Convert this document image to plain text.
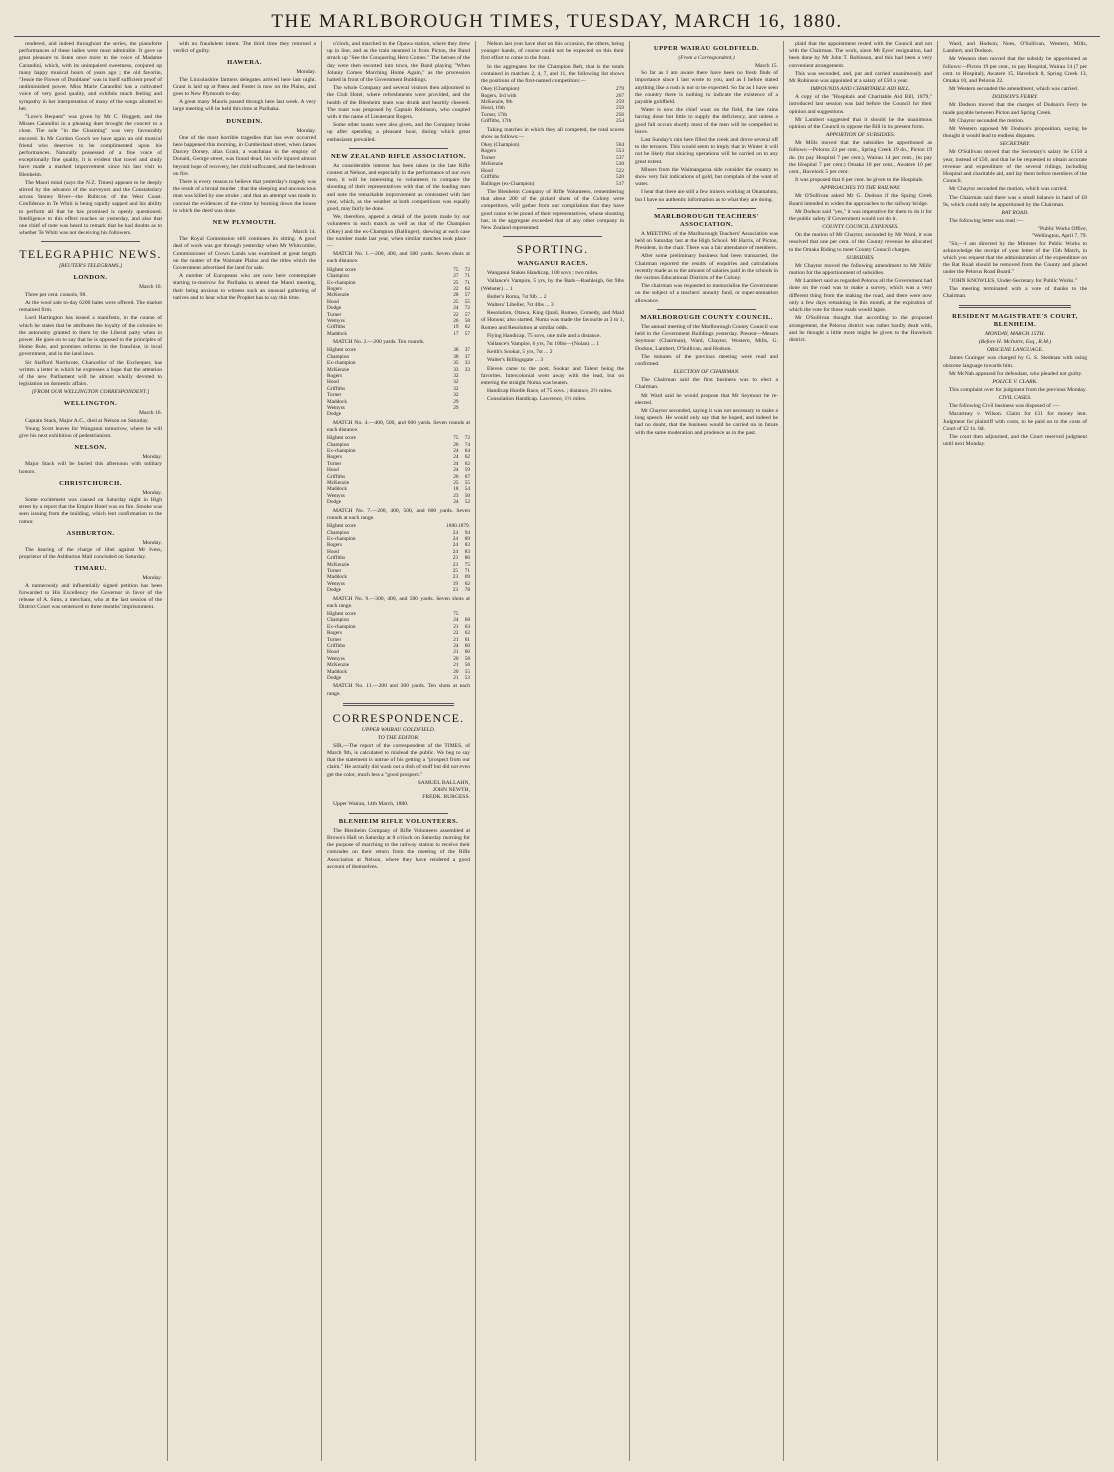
THE MARLBOROUGH TIMES, TUESDAY, MARCH 16, 1880.

rendered, and indeed throughout the series, the pianoforte performances of these ladies were most admirable. It gave us great pleasure to listen once more to the voice of Madame Carandini, which, with its unimpaired sweetness, conjured up many happy musical hours of years ago ; the old favorite, "Jessie the Flower of Dunblane" was in itself sufficient proof of undiminished power. Miss Marie Carandini has a cultivated voice of very good quality, and exhibits much feeling and sympathy in her interpretation of many of the songs allotted to her.

"Love's Request" was given by Mr C. Hoggett, and the Misses Carandini in a pleasing duet brought the concert to a close. The sole "in the Gloaming" was very favourably encored. In Mr Gordon Gooch we have again an old musical friend who deserves to be complimented upon his performances. Naturally possessed of a fine voice of exceptionally fine quality, it is evident that travel and study have made a marked improvement since his last visit to Blenheim.

The Maori mind (says the N.Z. Times) appears to be deeply stirred by the advance of the surveyors and the Constabulary across Stoney River—the Rubicon of the West Coast. Confidence in Te Whiti is being rapidly sapped and his ability to perform all that he has promised is openly questioned. Intelligence to this effect reaches us yesterday, and also that one chief of note was heard to remark that he had doubts as to whether Te Whiti was not deceiving his followers.

TELEGRAPHIC NEWS.
[REUTER'S TELEGRAMS.]
LONDON.
March 10.

Three per cent. consols, 98.

At the wool sale to-day 6200 bales were offered. The market remained firm.

Lord Hartington has issued a manifesto, in the course of which he states that he attributes the loyalty of the colonies to the autonomy granted to them by the Liberal party when in power. He goes on to say that he is opposed to the principles of Home Rule, and promises reforms in the franchise, in local government, and in the land laws.

Sir Stafford Northcote, Chancellor of the Exchequer, has written a letter in which he expresses a hope that the attention of the new Parliament will be almost wholly devoted to legislation on domestic affairs.

[FROM OUR WELLINGTON CORRESPONDENT.]
WELLINGTON.
March 16.

Captain Stack, Major A.C., died at Nelson on Saturday.

Young Scott leaves for Wanganui tomorrow, where he will give his next exhibition of pedestrianism.

NELSON.
Monday.

Major Stack will be buried this afternoon with military honors.

CHRISTCHURCH.
Monday.

Some excitement was caused on Saturday night in High street by a report that the Empire Hotel was on fire. Smoke was seen issuing from the building, which lent confirmation to the rumor.

ASHBURTON.
Monday.

The hearing of the charge of libel against Mr Ivess, proprietor of the Ashburton Mail concluded on Saturday.

TIMARU.
Monday.

A numerously and influentially signed petition has been forwarded to His Excellency the Governor in favor of the release of A. Sims, a merchant, who at the last session of the District Court was sentenced to three months' imprisonment.

with no fraudulent intent. The third time they returned a verdict of guilty.

HAWERA.
Monday.

The Lincolnshire farmers delegates arrived here last night. Grant is laid up at Patea and Foster is now on the Plains, and goes to New Plymouth to-day.

A great many Maoris passed through here last week. A very large meeting will be held this time at Parihaka.

DUNEDIN.
Monday.

One of the most horrible tragedies that has ever occurred here happened this morning, in Cumberland street, when James Darcey Dorsey, alias Grant, a watchman in the employ of Donald, George street, was found dead, his wife injured almost beyond hope of recovery, her child suffocated, and the bedroom on fire.

There is every reason to believe that yesterday's tragedy was the result of a brutal murder ; that the sleeping and unconscious man was killed by one stroke ; and that an attempt was made to conceal the evidences of the crime by burning down the house in which the deed was done.

NEW PLYMOUTH.
March 14.

The Royal Commission still continues its sitting. A good deal of work was got through yesterday when Mr Whitcombe, Commissioner of Crown Lands was examined at great length on the matter of the Waimate Plains and the titles which the Government advertised the land for sale.

A number of Europeans who are now here contemplate starting to-morrow for Parihaka to attend the Maori meeting, their being anxious to witness such an unusual gathering of natives and to hear what the Prophet has to say this time.

o'clock, and marched to the Opawa station, where they drew up in line, and as the train steamed in from Picton, the Band struck up "See the Conquering Hero Comes." The heroes of the day were then escorted into town, the Band playing "When Johnny Comes Marching Home Again," as the procession halted in front of the Government Buildings.

The whole Company and several visitors then adjourned to the Club Hotel, where refreshments were provided, and the health of the Blenheim team was drunk and heartily cheered. The toast was proposed by Captain Robinson, who coupled with it the name of Lieutenant Rogers.

Some other toasts were also given, and the Company broke up after spending a pleasant hour, during which great enthusiasm prevailed.

NEW ZEALAND RIFLE ASSOCIATION.

As considerable interest has been taken in the late Rifle contest at Nelson, and especially in the performance of our own men, it will be interesting to volunteers to compare the shooting of their representatives with that of the leading men and note the remarkable improvement as contrasted with last year, which, as the weather at both competitions was equally good, may fairly be done.

We, therefore, append a detail of the points made by our volunteers in each match as well as that of the Champion (Okey) and the ex-Champion (Ballinger), shewing at each case the number made last year, when similar matches took place :—

MATCH No. 1.—200, 400, and 500 yards. Seven shots at each distance.

Highest score	75	72
Champion	27	71
Ex-champion	25	71
Rogers	22	62
McKenzie	28	57
Hood	25	55
Dodge	24	72
Turner	22	57
Wemyss	26	58
Griffiths	19	62
Maddock	17	57

MATCH No. 2.—200 yards. Ten rounds.

Highest score	38	37
Champion	38	37
Ex-champion	35	33
McKenzie	33	33
Rogers	32	
Hood	32	
Griffiths	32	
Turner	32	
Maddock	29	
Wemyss	29	
Dodge		

MATCH No. 4.—400, 500, and 600 yards. Seven rounds at each distance.

Highest score	75	72
Champion	26	74
Ex-champion	24	64
Rogers	24	62
Turner	24	62
Hood	24	59
Griffiths	26	67
McKenzie	25	55
Maddock	18	54
Wemyss	23	50
Dodge	24	52

MATCH No. 7.—200, 400, 500, and 600 yards. Seven rounds at each range.

Highest score	1880.	1879.
Champion	24	94
Ex-champion	24	89
Rogers	24	83
Hood	24	83
Griffiths	23	86
McKenzie	23	75
Turner	25	71
Maddock	23	69
Wemyss	19	62
Dodge	23	78

MATCH No. 9.—300, 400, and 500 yards. Seven shots at each range.

Highest score	75	
Champion	24	68
Ex-champion	21	63
Rogers	22	62
Turner	21	61
Griffiths	24	60
Hood	21	60
Wemyss	20	58
McKenzie	21	56
Maddock	20	55
Dodge	21	53

MATCH No. 11.—200 and 300 yards. Ten shots at each range.

CORRESPONDENCE.
UPPER WAIRAU GOLDFIELD.
TO THE EDITOR.

SIR,—The report of the correspondent of the TIMES, of March 9th, is calculated to mislead the public. We beg to say that the statement is untrue of his getting a "prospect from our claim." He actually did wash out a dish of stuff but did not even get the color, much less a "good prospect."

SAMUEL BALLAHN,
JOHN NEWTH,
FREDK. BURGESS.

Upper Wairau, 14th March, 1880.

BLENHEIM RIFLE VOLUNTEERS.

The Blenheim Company of Rifle Volunteers assembled at Brown's Hall on Saturday at 8 o'clock on Saturday morning for the purpose of marching to the railway station to receive their comrades on their return from the meeting of the Rifle Association at Nelson, where they have rendered a good account of themselves.

Nelson last year have shot on this occasion, the others, being younger hands, of course could not be expected on this their first effort to come to the front.

In the aggregates for the Champion Belt, that is the totals contained in matches 2, 4, 7, and 11, the following list shows the positions of the first-named competitors:—

Okey (Champion)	279
Rogers, 3rd with	267
McKenzie, 9th	259
Hood, 16th	259
Turner, 17th	256
Griffiths, 17th	254

Taking matches in which they all competed, the total scores show as follows:—

Okey (Champion)	564
Rogers	553
Turner	537
McKenzie	530
Hood	522
Griffiths	520
Ballinger (ex-Champion)	517

The Blenheim Company of Rifle Volunteers, remembering that about 200 of the picked shots of the Colony were competitors, will gather from our compilation that they have good cause to be proud of their representatives, whose shooting has, in the aggregate exceeded that of any other company in New Zealand represented.

SPORTING.
WANGANUI RACES.

Wanganui Stakes Handicap, 100 sovs ; two miles.

Vallance's Vampire, 5 yrs, by the Bark—Rashleigh, 6st 9lbs (Webster) ... 1

Butler's Roma, 7st 9lb ... 2

Walters' Libeller, 7st 4lbs ... 3

Resolution, Otawa, King Quail, Romeo, Comedy, and Maid of Honour, also started. Numa was made the favourite at 3 to 1, Romeo and Resolution at similar odds.

Flying Handicap, 75 sovs, one mile and a distance.

Vallance's Vampire, 6 yrs, 7st 10lbs—(Nolan) ... 1

Keith's Sookar, 5 yrs, 7st ... 2

Walter's Billingsgate ... 3

Eleven came to the post, Sookar and Talent being the favorites. Intercolonial went away with the lead, but on entering the straight Numa was beaten.

Handicap Hurdle Race, of 75 sovs. ; distance, 2½ miles.

Consolation Handicap. Lawrence, 1½ miles.

UPPER WAIRAU GOLDFIELD.
(From a Correspondent.)
March 15.

So far as I am aware there have been no fresh finds of importance since I last wrote to you, and as I before stated anything like a rush is not to be expected. So far as I have seen the country there is nothing to indicate the existence of a payable goldfield.

Water is now the chief want on the field, the late rains having done but little to supply the deficiency, and unless a good fall occurs shortly most of the men will be compelled to leave.

Last Sunday's rain here filled the creek and drove several off to the terraces. This would seem to imply that in Winter it will not be likely that sluicing operations will be carried on to any great extent.

Miners from the Waimangaroa side consider the country to show very fair indications of gold, but complain of the want of water.

I hear that there are still a few miners working at Onamalutu, but I have no authentic information as to what they are doing.

MARLBOROUGH TEACHERS' ASSOCIATION.

A MEETING of the Marlborough Teachers' Association was held on Saturday last at the High School. Mr Harris, of Picton, President, in the chair. There was a fair attendance of members.

After some preliminary business had been transacted, the Chairman reported the results of enquiries and calculations recently made as to the amount of salaries paid in the schools in the various Educational Districts of the Colony.

The chairman was requested to memorialise the Government on the subject of a teachers' annuity fund, or super-annuation allowance.

MARLBOROUGH COUNTY COUNCIL.

The annual meeting of the Marlborough County Council was held in the Government Buildings yesterday. Present—Messrs Seymour (Chairman), Ward, Chaytor, Western, Mills, G. Dodson, Lambert, O'Sullivan, and Hodson.

The minutes of the previous meeting were read and confirmed.

ELECTION OF CHAIRMAN.

The Chairman said the first business was to elect a Chairman.

Mr Ward said he would propose that Mr Seymour be re-elected.

Mr Chaytor seconded, saying it was not necessary to make a long speech. He would only say that he hoped, and indeed he had no doubt, that the business would be carried on in future with the same moderation and prudence as in the past.

plaid that the appointment rested with the Council and not with the Chairman. The work, since Mr Eyes' resignation, had been done by Mr John T. Robinson, and this had been a very convenient arrangement.

This was seconded, and, put and carried unanimously and Mr Robinson was appointed at a salary of £50 a year.

IMPOUNDS AND CHARITABLE AID BILL.

A copy of the "Hospitals and Charitable Aid Bill, 1879," introduced last session was laid before the Council for their opinion and suggestions.

Mr Lambert suggested that it should be the unanimous opinion of the Council to oppose the Bill in its present form.

APPORTION OF SUBSIDIES.

Mr Mills moved that the subsidies be apportioned as follows:—Pelorus 23 per cent., Spring Creek 19 do., Picton 19 do. (to pay Hospital 7 per cent.), Wairau 14 per cent., (to pay the Hospital 7 per cent.) Omaka 10 per cent., Awatere 10 per cent., Havelock 5 per cent.

It was proposed that 6 per cent. be given to the Hospitals.

APPROACHES TO THE RAILWAY.

Mr O'Sullivan asked Mr G. Dodson if the Spring Creek Board intended to widen the approaches to the railway bridge.

Mr Dodson said "yes," it was imperative for them to do it for the public safety if Government would not do it.

COUNTY COUNCIL EXPENSES.

On the motion of Mr Chaytor, seconded by Mr Ward, it was resolved that one per cent. of the County revenue be allocated to the Omaka Riding to meet County Council charges.

SUBSIDIES.

Mr Chaytor moved the following amendment to Mr Mills' motion for the apportionment of subsidies.

Mr Lambert said as regarded Pelorus all the Government had done on the road was to make a survey, which was a very different thing from the making the road, and there were now only a few days remaining in this month, at the expiration of which the vote for those roads would lapse.

Mr O'Sullivan thought that according to the proposed arrangement, the Pelorus district was rather hardly dealt with, and he thought a little more might be given to the Havelock district.

Ward, and Hodson; Noes, O'Sullivan, Western, Mills, Lambert, and Dodson.

Mr Western then moved that the subsidy be apportioned as follows:—Picton 19 per cent., to pay Hospital, Wairau 14 (7 per cent. to Hospital), Awatere 15, Havelock 8, Spring Creek 13, Omaka 10, and Pelorus 22.

Mr Western seconded the amendment, which was carried.

DODSON'S FERRY.

Mr Dodson moved that the charges of Dodson's Ferry be made payable between Picton and Spring Creek.

Mr Chaytor seconded the motion.

Mr Western opposed Mr Dodson's proposition, saying he thought it would lead to endless disputes.

SECRETARY.

Mr O'Sullivan moved that the Secretary's salary be £150 a year, instead of £50, and that he be requested to obtain accurate revenue and expenditure of the several ridings, including Hospital and charitable aid, and lay them before members of the Council.

Mr Chaytor seconded the motion, which was carried.

The Chairman said there was a small balance in hand of £8 9s, which could only be apportioned by the Chairman.

BAT ROAD.

The following letter was read :—

"Public Works Office,
"Wellington, April 7, 79.

"Sir,—I am directed by the Minister for Public Works to acknowledge the receipt of your letter of the 15th March, in which you request that the administration of the expenditure on the Bat Road should be removed from the County and placed under the Pelorus Road Board."

"JOHN KNOWLES, Under-Secretary for Public Works."

The meeting terminated with a vote of thanks to the Chairman.

RESIDENT MAGISTRATE'S COURT, BLENHEIM.
MONDAY, MARCH 15TH.
(Before H. McIntire, Esq., R.M.)
OBSCENE LANGUAGE.

James Grainger was charged by G. S. Stedman with using obscene language towards him.

Mr McNab appeared for defendant, who pleaded not guilty.

POLICE V. CLARK.

This complaint over for judgment from the previous Monday.

CIVIL CASES.

The following Civil business was disposed of :—

Macartney v. Wilson. Claim for £11 for money lent. Judgment for plaintiff with costs, to be paid on to the costs of Court of £2 1s. 0d.

The court then adjourned, and the Court reserved judgment until next Monday.
